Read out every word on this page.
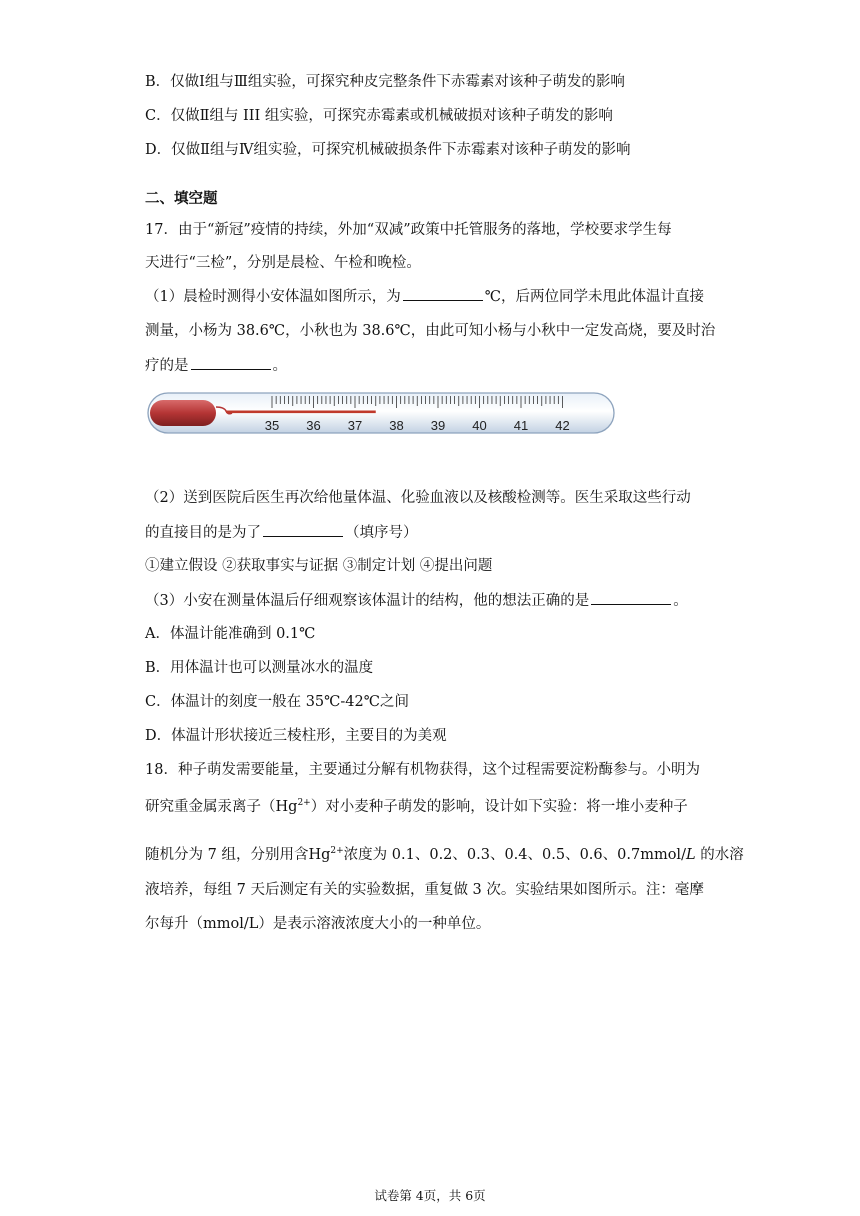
B．仅做Ⅰ组与Ⅲ组实验，可探究种皮完整条件下赤霉素对该种子萌发的影响
C．仅做Ⅱ组与 III 组实验，可探究赤霉素或机械破损对该种子萌发的影响
D．仅做Ⅱ组与Ⅳ组实验，可探究机械破损条件下赤霉素对该种子萌发的影响
二、填空题
17．由于“新冠”疫情的持续，外加“双减”政策中托管服务的落地，学校要求学生每
天进行“三检”，分别是晨检、午检和晚检。
（1）晨检时测得小安体温如图所示，为	℃，后两位同学未甩此体温计直接
测量，小杨为 38.6℃，小秋也为 38.6℃，由此可知小杨与小秋中一定发高烧，要及时治
疗的是	。
35 36 37 38 39 40 41 42
（2）送到医院后医生再次给他量体温、化验血液以及核酸检测等。医生采取这些行动
的直接目的是为了	（填序号）
①建立假设 ②获取事实与证据 ③制定计划 ④提出问题
（3）小安在测量体温后仔细观察该体温计的结构，他的想法正确的是	。
A．体温计能准确到 0.1℃
B．用体温计也可以测量冰水的温度
C．体温计的刻度一般在 35℃-42℃之间
D．体温计形状接近三棱柱形，主要目的为美观
18．种子萌发需要能量，主要通过分解有机物获得，这个过程需要淀粉酶参与。小明为
研究重金属汞离子$(Hg^{2+})$对小麦种子萌发的影响，设计如下实验：将一堆小麦种子
随机分为 7 组，分别用含$Hg^{2+}$浓度为 0.1、0.2、0.3、0.4、0.5、0.6、0.7mmol/L 的水溶
液培养，每组 7 天后测定有关的实验数据，重复做 3 次。实验结果如图所示。注：毫摩
尔每升（mmol/L）是表示溶液浓度大小的一种单位。
试卷第 4页，共 6页
